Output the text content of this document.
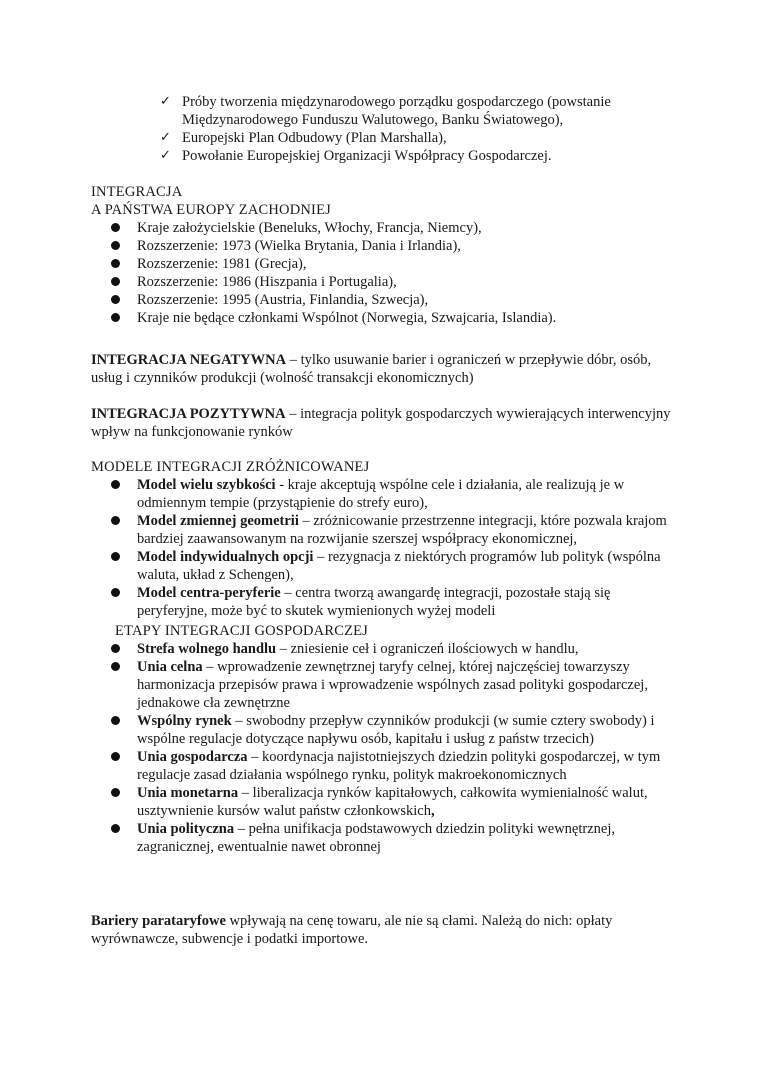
✓ Próby tworzenia międzynarodowego porządku gospodarczego (powstanie Międzynarodowego Funduszu Walutowego, Banku Światowego),
✓ Europejski Plan Odbudowy (Plan Marshalla),
✓ Powołanie Europejskiej Organizacji Współpracy Gospodarczej.
INTEGRACJA
A PAŃSTWA EUROPY ZACHODNIEJ
Kraje założycielskie (Beneluks, Włochy, Francja, Niemcy),
Rozszerzenie: 1973 (Wielka Brytania, Dania i Irlandia),
Rozszerzenie: 1981 (Grecja),
Rozszerzenie: 1986 (Hiszpania i Portugalia),
Rozszerzenie: 1995 (Austria, Finlandia, Szwecja),
Kraje nie będące członkami Wspólnot (Norwegia, Szwajcaria, Islandia).

INTEGRACJA NEGATYWNA – tylko usuwanie barier i ograniczeń w przepływie dóbr, osób, usług i czynników produkcji (wolność transakcji ekonomicznych)

INTEGRACJA POZYTYWNA – integracja polityk gospodarczych wywierających interwencyjny wpływ na funkcjonowanie rynków

MODELE INTEGRACJI ZRÓŻNICOWANEJ
Model wielu szybkości - kraje akceptują wspólne cele i działania, ale realizują je w odmiennym tempie (przystąpienie do strefy euro),
Model zmiennej geometrii – zróżnicowanie przestrzenne integracji, które pozwala krajom bardziej zaawansowanym na rozwijanie szerszej współpracy ekonomicznej,
Model indywidualnych opcji – rezygnacja z niektórych programów lub polityk (wspólna waluta, układ z Schengen),
Model centra-peryferie – centra tworzą awangardę integracji, pozostałe stają się peryferyjne, może być to skutek wymienionych wyżej modeli
ETAPY INTEGRACJI GOSPODARCZEJ
Strefa wolnego handlu – zniesienie ceł i ograniczeń ilościowych w handlu,
Unia celna – wprowadzenie zewnętrznej taryfy celnej, której najczęściej towarzyszy harmonizacja przepisów prawa i wprowadzenie wspólnych zasad polityki gospodarczej, jednakowe cła zewnętrzne
Wspólny rynek – swobodny przepływ czynników produkcji (w sumie cztery swobody) i wspólne regulacje dotyczące napływu osób, kapitału i usług z państw trzecich)
Unia gospodarcza – koordynacja najistotniejszych dziedzin polityki gospodarczej, w tym regulacje zasad działania wspólnego rynku, polityk makroekonomicznych
Unia monetarna – liberalizacja rynków kapitałowych, całkowita wymienialność walut, usztywnienie kursów walut państw członkowskich,
Unia polityczna – pełna unifikacja podstawowych dziedzin polityki wewnętrznej, zagranicznej, ewentualnie nawet obronnej

Bariery parataryfowe wpływają na cenę towaru, ale nie są cłami. Należą do nich: opłaty wyrównawcze, subwencje i podatki importowe.
